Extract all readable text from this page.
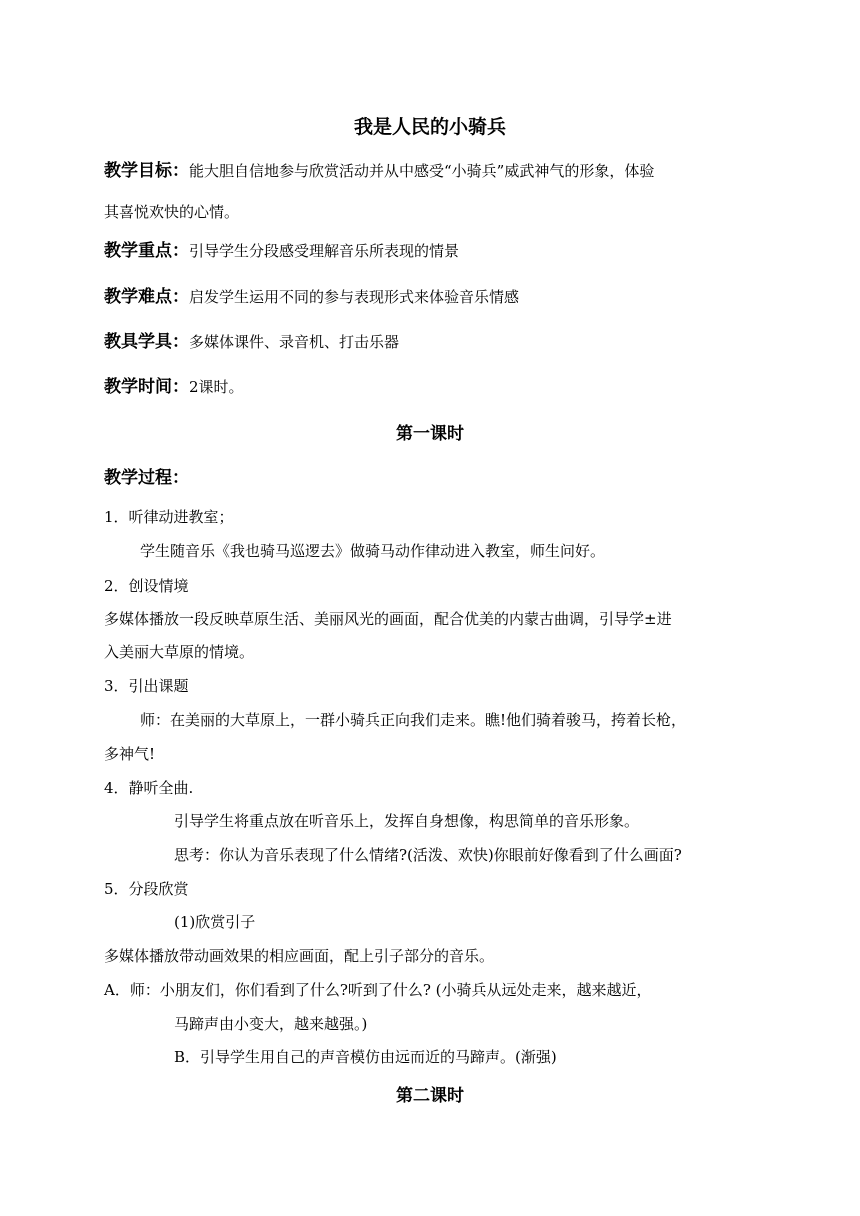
我是人民的小骑兵
教学目标：能大胆自信地参与欣赏活动并从中感受“小骑兵”威武神气的形象，体验
其喜悦欢快的心情。
教学重点：引导学生分段感受理解音乐所表现的情景
教学难点：启发学生运用不同的参与表现形式来体验音乐情感
教具学具：多媒体课件、录音机、打击乐器
教学时间：2课时。
第一课时
教学过程：
1．听律动进教室；
学生随音乐《我也骑马巡逻去》做骑马动作律动进入教室，师生问好。
2．创设情境
多媒体播放一段反映草原生活、美丽风光的画面，配合优美的内蒙古曲调，引导学±进
入美丽大草原的情境。
3．引出课题
师：在美丽的大草原上，一群小骑兵正向我们走来。瞧!他们骑着骏马，挎着长枪，
多神气!
4．静听全曲.
引导学生将重点放在听音乐上，发挥自身想像，构思简单的音乐形象。
思考：你认为音乐表现了什么情绪?(活泼、欢快)你眼前好像看到了什么画面?
5．分段欣赏
(1)欣赏引子
多媒体播放带动画效果的相应画面，配上引子部分的音乐。
A．师：小朋友们，你们看到了什么?听到了什么? (小骑兵从远处走来，越来越近，
马蹄声由小变大，越来越强。)
B．引导学生用自己的声音模仿由远而近的马蹄声。(渐强)
第二课时
